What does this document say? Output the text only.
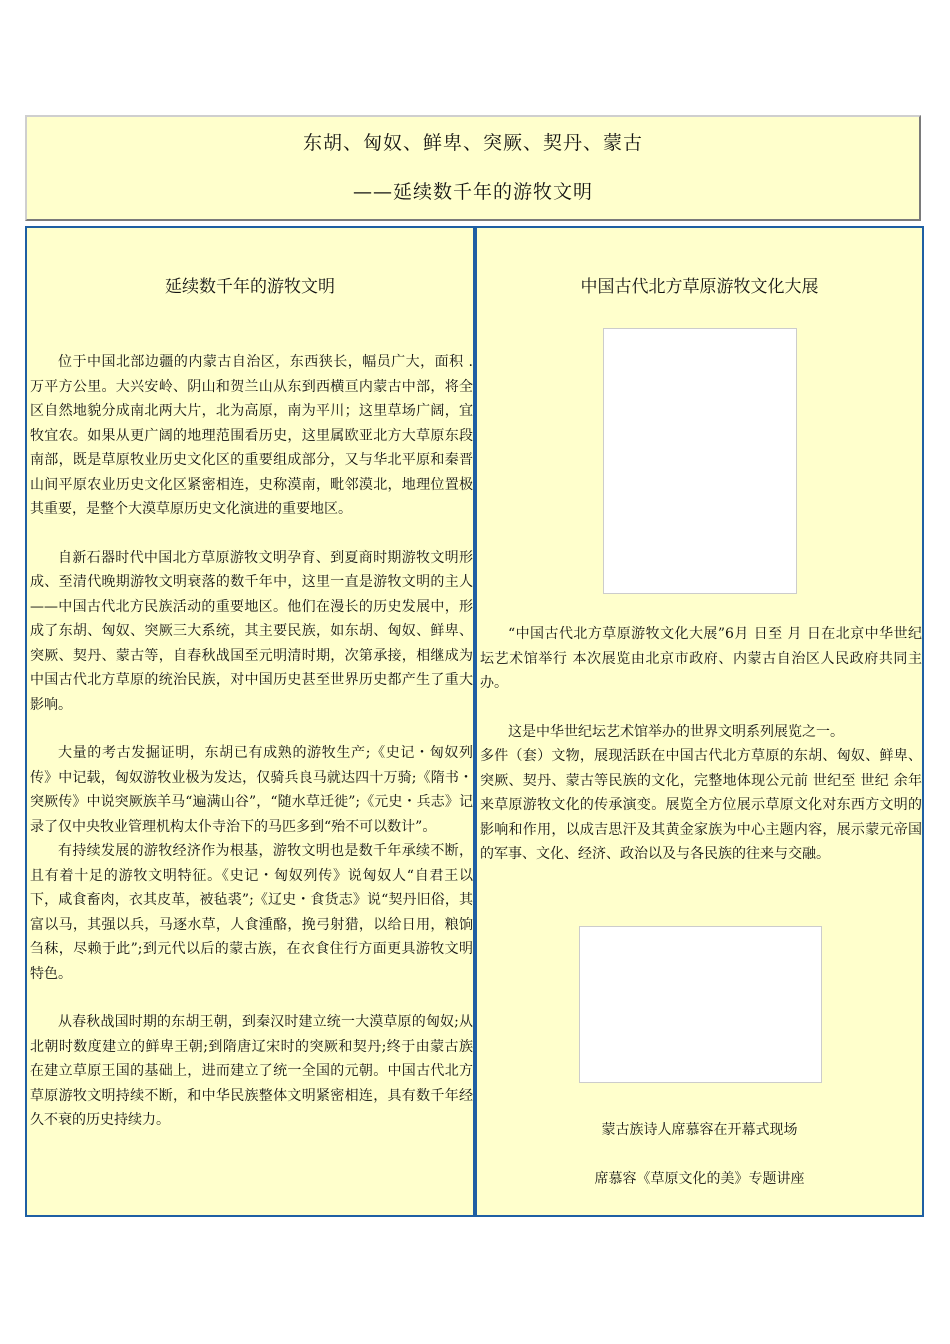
东胡、匈奴、鲜卑、突厥、契丹、蒙古
——延续数千年的游牧文明
延续数千年的游牧文明

位于中国北部边疆的内蒙古自治区，东西狭长，幅员广大，面积 . 万平方公里。大兴安岭、阴山和贺兰山从东到西横亘内蒙古中部，将全区自然地貌分成南北两大片，北为高原，南为平川；这里草场广阔，宜牧宜农。如果从更广阔的地理范围看历史，这里属欧亚北方大草原东段南部，既是草原牧业历史文化区的重要组成部分，又与华北平原和秦晋山间平原农业历史文化区紧密相连，史称漠南，毗邻漠北，地理位置极其重要，是整个大漠草原历史文化演进的重要地区。

自新石器时代中国北方草原游牧文明孕育、到夏商时期游牧文明形成、至清代晚期游牧文明衰落的数千年中，这里一直是游牧文明的主人——中国古代北方民族活动的重要地区。他们在漫长的历史发展中，形成了东胡、匈奴、突厥三大系统，其主要民族，如东胡、匈奴、鲜卑、突厥、契丹、蒙古等，自春秋战国至元明清时期，次第承接，相继成为中国古代北方草原的统治民族，对中国历史甚至世界历史都产生了重大影响。

大量的考古发掘证明，东胡已有成熟的游牧生产;《史记・匈奴列传》中记载，匈奴游牧业极为发达，仅骑兵良马就达四十万骑;《隋书・突厥传》中说突厥族羊马“遍满山谷”，“随水草迁徙”;《元史・兵志》记录了仅中央牧业管理机构太仆寺治下的马匹多到“殆不可以数计”。

有持续发展的游牧经济作为根基，游牧文明也是数千年承续不断，且有着十足的游牧文明特征。《史记・匈奴列传》说匈奴人“自君王以下，咸食畜肉，衣其皮革，被毡裘”;《辽史・食货志》说“契丹旧俗，其富以马，其强以兵，马逐水草，人食湩酪，挽弓射猎，以给日用，粮饷刍秣，尽赖于此”;到元代以后的蒙古族，在衣食住行方面更具游牧文明特色。

从春秋战国时期的东胡王朝，到秦汉时建立统一大漠草原的匈奴;从北朝时数度建立的鲜卑王朝;到隋唐辽宋时的突厥和契丹;终于由蒙古族在建立草原王国的基础上，进而建立了统一全国的元朝。中国古代北方草原游牧文明持续不断，和中华民族整体文明紧密相连，具有数千年经久不衰的历史持续力。

中国古代北方草原游牧文化大展

“中国古代北方草原游牧文化大展”6月 日至 月 日在北京中华世纪坛艺术馆举行 本次展览由北京市政府、内蒙古自治区人民政府共同主办。

这是中华世纪坛艺术馆举办的世界文明系列展览之一。

多件（套）文物，展现活跃在中国古代北方草原的东胡、匈奴、鲜卑、突厥、契丹、蒙古等民族的文化，完整地体现公元前 世纪至 世纪 余年来草原游牧文化的传承演变。展览全方位展示草原文化对东西方文明的影响和作用，以成吉思汗及其黄金家族为中心主题内容，展示蒙元帝国的军事、文化、经济、政治以及与各民族的往来与交融。

蒙古族诗人席慕容在开幕式现场
席慕容《草原文化的美》专题讲座
